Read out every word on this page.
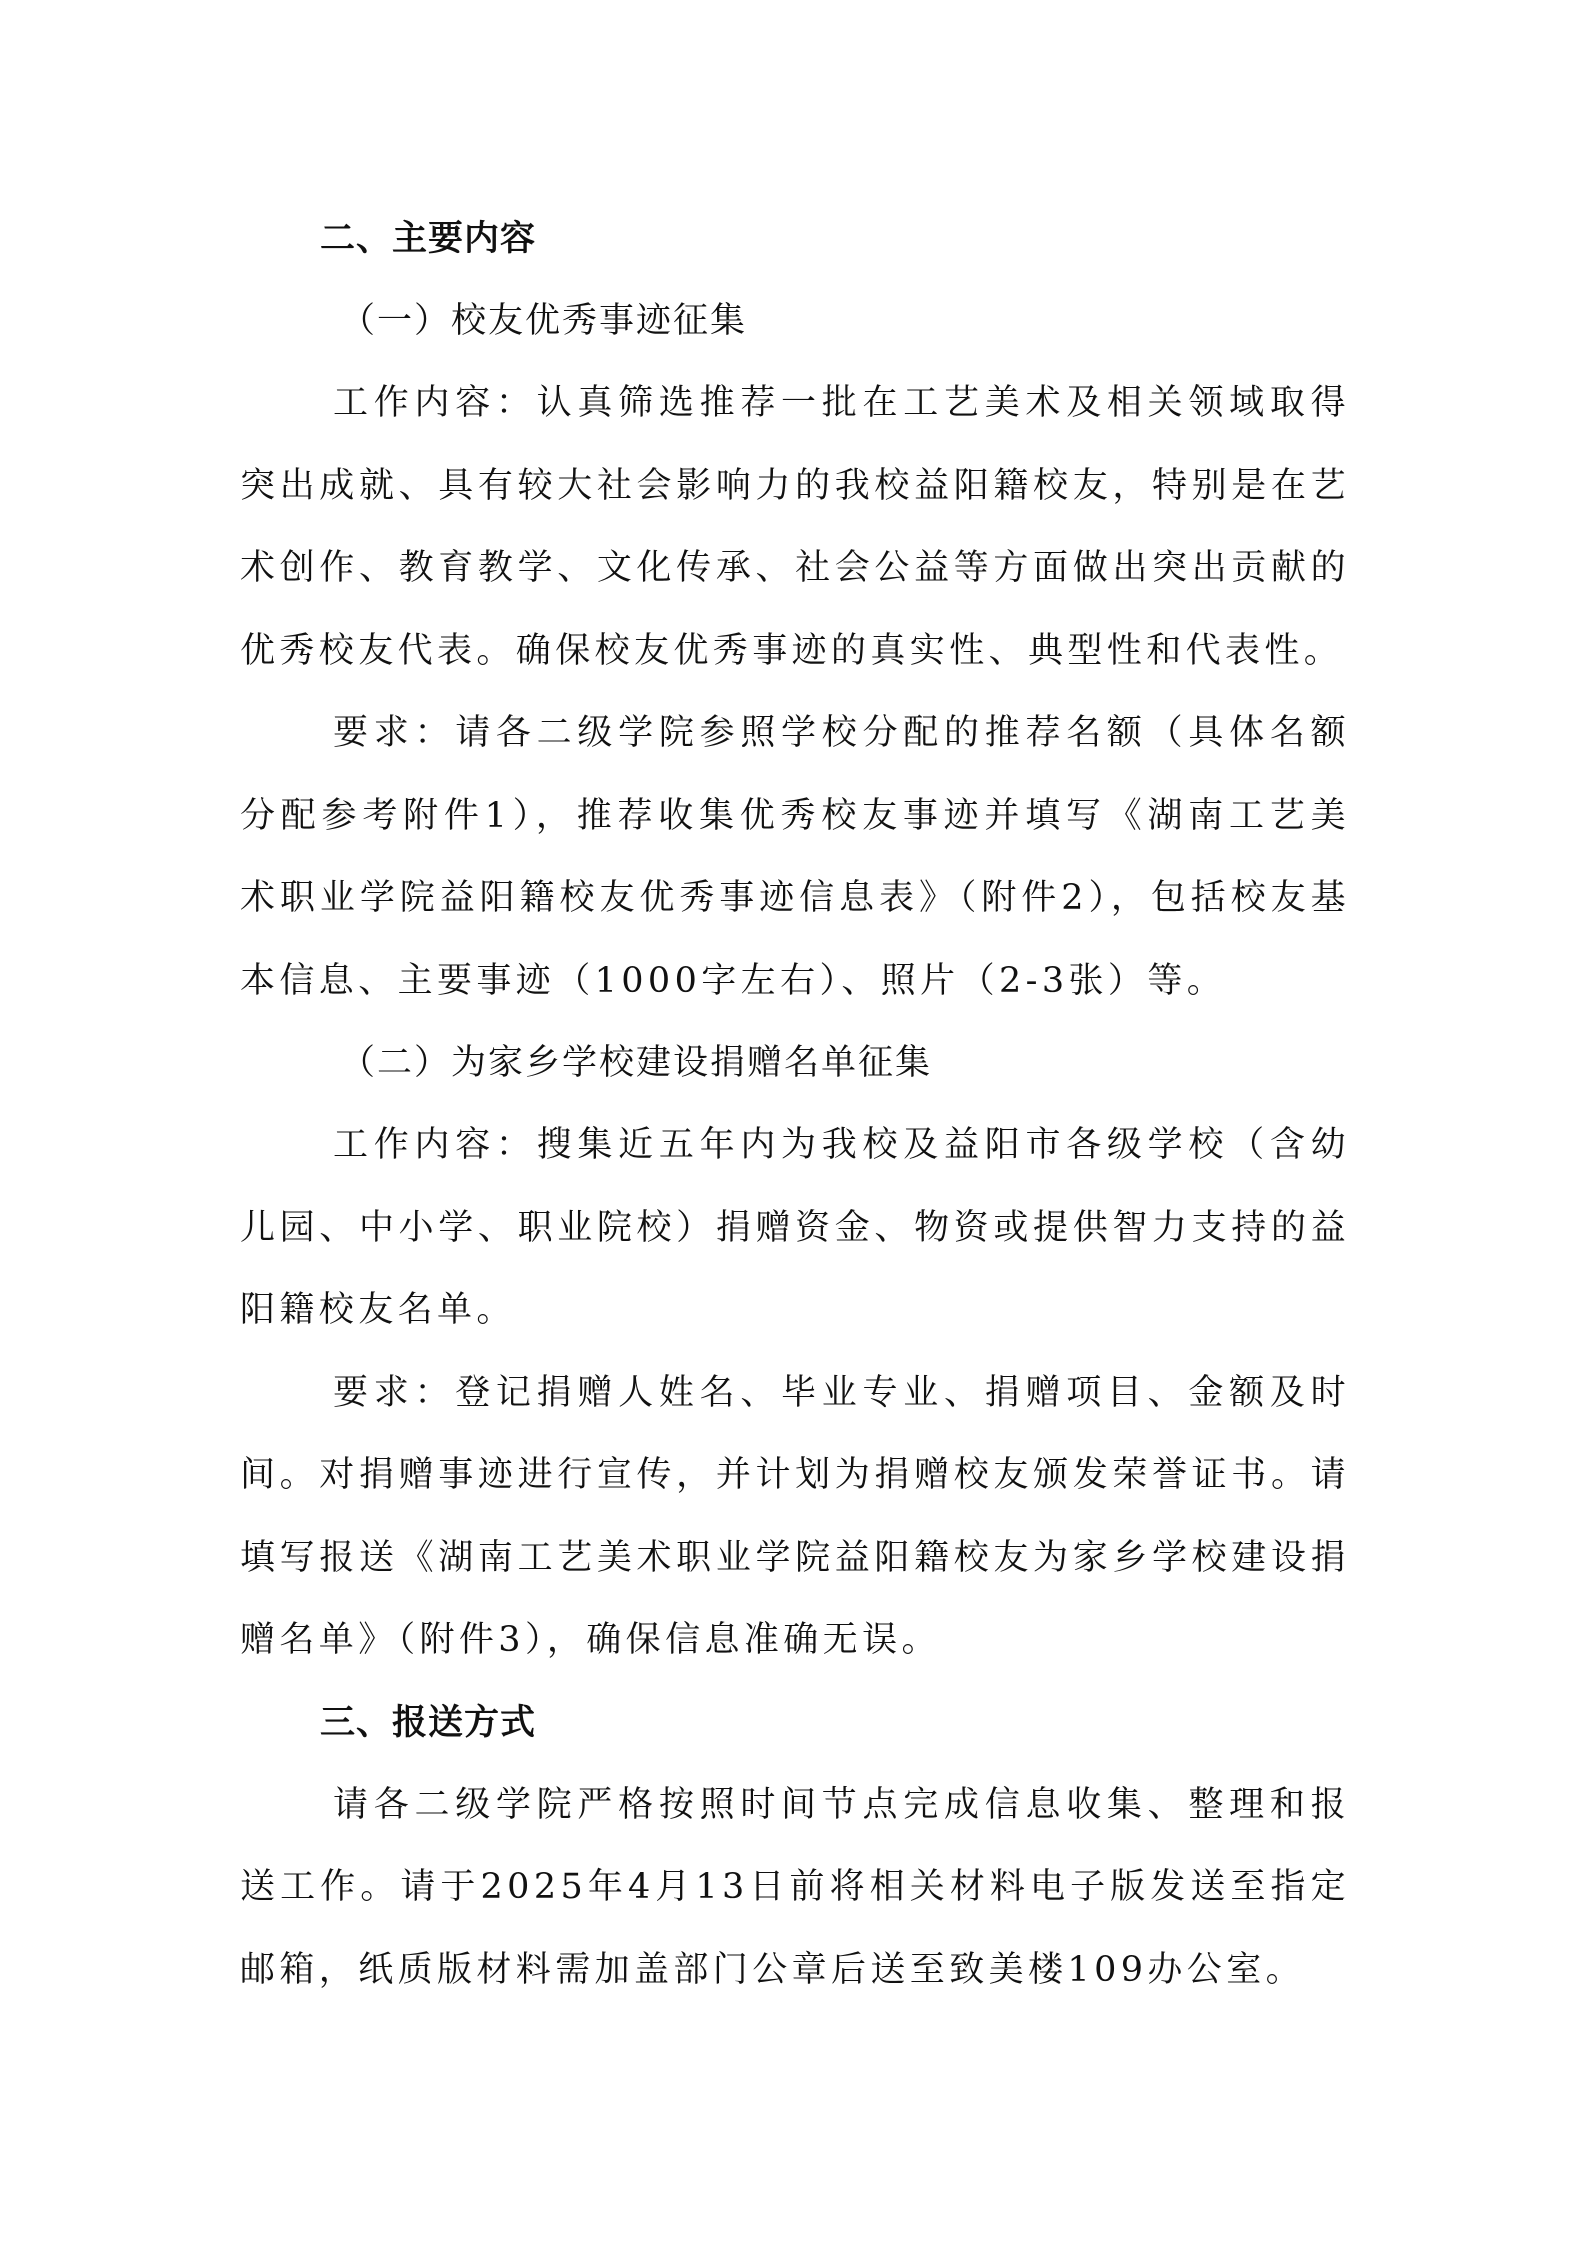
二、主要内容
（一）校友优秀事迹征集

工作内容：认真筛选推荐一批在工艺美术及相关领域取得突出成就、具有较大社会影响力的我校益阳籍校友，特别是在艺术创作、教育教学、文化传承、社会公益等方面做出突出贡献的优秀校友代表。确保校友优秀事迹的真实性、典型性和代表性。

要求：请各二级学院参照学校分配的推荐名额（具体名额分配参考附件1），推荐收集优秀校友事迹并填写《湖南工艺美术职业学院益阳籍校友优秀事迹信息表》（附件2），包括校友基本信息、主要事迹（1000字左右）、照片（2-3张）等。

（二）为家乡学校建设捐赠名单征集

工作内容：搜集近五年内为我校及益阳市各级学校（含幼儿园、中小学、职业院校）捐赠资金、物资或提供智力支持的益阳籍校友名单。

要求：登记捐赠人姓名、毕业专业、捐赠项目、金额及时间。对捐赠事迹进行宣传，并计划为捐赠校友颁发荣誉证书。请填写报送《湖南工艺美术职业学院益阳籍校友为家乡学校建设捐赠名单》（附件3），确保信息准确无误。

三、报送方式

请各二级学院严格按照时间节点完成信息收集、整理和报送工作。请于2025年4月13日前将相关材料电子版发送至指定邮箱，纸质版材料需加盖部门公章后送至致美楼109办公室。
